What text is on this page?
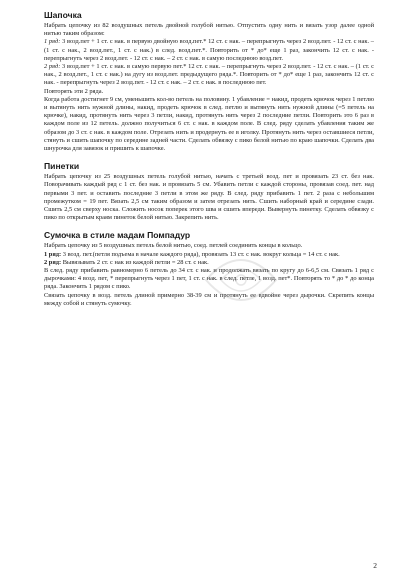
Шапочка

Набрать цепочку из 82 воздушных петель двойной голубой нитью. Отпустить одну нить и вязать узор далее одной нитью таким образом:

1 ряд: 3 возд.пет + 1 ст. с нак. в первую двойную возд.пет.* 12 ст. с нак. – перепрыгнуть через 2 возд.пет. - 12 ст. с нак. – (1 ст. с нак., 2 возд.пет., 1 ст. с нак.) в след. возд.пет.*. Повторить от * до* еще 1 раз, закончить 12 ст. с нак. - перепрыгнуть через 2 возд.пет. - 12 ст. с нак. – 2 ст. с нак. в самую последнюю возд.пет.

2 ряд: 3 возд.пет + 1 ст. с нак. в самую первую пет.* 12 ст. с нак. – перепрыгнуть через 2 возд.пет. - 12 ст. с нак. – (1 ст. с нак., 2 возд.пет., 1 ст. с нак.) на дугу из возд.пет. предыдущего ряда.*. Повторить от * до* еще 1 раз, закончить 12 ст. с нак. - перепрыгнуть через 2 возд.пет. - 12 ст. с нак. – 2 ст. с нак. в последнюю пет.

Повторять эти 2 ряда.

Когда работа достигнет 9 см, уменьшить кол-во петель на половину. 1 убавление = накид, продеть крючок через 1 петлю и вытянуть нить нужной длины, накид, продеть крючок в след. петлю и вытянуть нить нужной длины (=5 петель на крючке), накид, протянуть нить через 3 петли, накид, протянуть нить через 2 последние петли. Повторить это 6 раз в каждом поле из 12 петель. должно получиться 6 ст. с нак. в каждом поле. В след. ряду сделать убавления таким же образом до 3 ст. с нак. в каждом поле. Отрезать нить и продернуть ее в иголку. Протянуть нить через оставшиеся петли, стянуть и сшить шапочку по середине задней части. Сделать обвязку с пико белой нитью по краю шапочки. Сделать два шнурочка для завязок и пришить к шапочке.

Пинетки

Набрать цепочку из 25 воздушных петель голубой нитью, начать с третьей возд. пет и провязать 23 ст. без нак. Поворачивать каждый ряд с 1 ст. без нак. и провязать 5 см. Убавить петли с каждой стороны, провязав соед. пет. над первыми 3 пет. и оставить последние 3 петли в этом же ряду. В след. ряду прибавить 1 пет. 2 раза с небольшим промежутком = 19 пет. Вязать 2,5 см таким образом и затем отрезать нить. Сшить наборный край и середине сзади. Сшить 2,5 см сверху носка. Сложить носок поперек этого шва и сшить впереди. Вывернуть пинетку. Сделать обвязку с пико по открытым краям пинеток белой нитью. Закрепить нить.

Сумочка в стиле мадам Помпадур

Набрать цепочку из 5 воздушных петель белой нитью, соед. петлей соединить концы в кольцо.

1 ряд: 3 возд. пет.(петля подъема в начале каждого ряда), провязать 13 ст. с нак. вокруг кольца = 14 ст. с нак.

2 ряд: Вывязывать 2 ст. с нак из каждой петли = 28 ст. с нак.

В след. ряду прибавить равномерно 6 петель до 34 ст. с нак. и продолжать вязать по кругу до 6-6,5 см. Связать 1 ряд с дырочками: 4 возд. пет, * перепрыгнуть через 1 пет, 1 ст. с нак. в след. петле, 1 возд. пет*. Повторять то * до * до конца ряда. Закончить 1 рядом с пико.

Связать цепочку в возд. петель длиной примерно 38-39 см и протянуть ее вдвойне через дырочки. Скрепить концы между собой и стянуть сумочку.

2
